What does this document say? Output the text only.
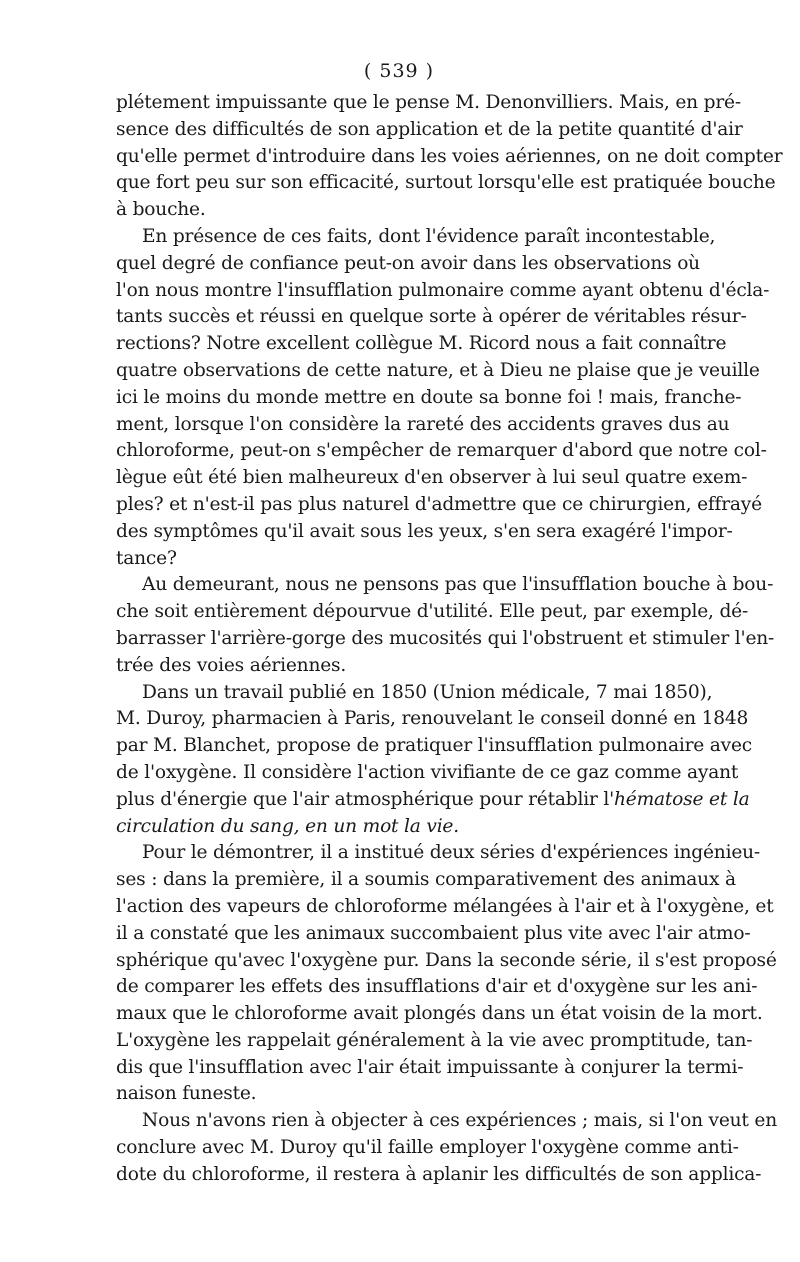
( 539 )
plétement impuissante que le pense M. Denonvilliers. Mais, en pré-
sence des difficultés de son application et de la petite quantité d'air
qu'elle permet d'introduire dans les voies aériennes, on ne doit compter
que fort peu sur son efficacité, surtout lorsqu'elle est pratiquée bouche
à bouche.
En présence de ces faits, dont l'évidence paraît incontestable,
quel degré de confiance peut-on avoir dans les observations où
l'on nous montre l'insufflation pulmonaire comme ayant obtenu d'écla-
tants succès et réussi en quelque sorte à opérer de véritables résur-
rections? Notre excellent collègue M. Ricord nous a fait connaître
quatre observations de cette nature, et à Dieu ne plaise que je veuille
ici le moins du monde mettre en doute sa bonne foi ! mais, franche-
ment, lorsque l'on considère la rareté des accidents graves dus au
chloroforme, peut-on s'empêcher de remarquer d'abord que notre col-
lègue eût été bien malheureux d'en observer à lui seul quatre exem-
ples? et n'est-il pas plus naturel d'admettre que ce chirurgien, effrayé
des symptômes qu'il avait sous les yeux, s'en sera exagéré l'impor-
tance?
Au demeurant, nous ne pensons pas que l'insufflation bouche à bou-
che soit entièrement dépourvue d'utilité. Elle peut, par exemple, dé-
barrasser l'arrière-gorge des mucosités qui l'obstruent et stimuler l'en-
trée des voies aériennes.
Dans un travail publié en 1850 (Union médicale, 7 mai 1850),
M. Duroy, pharmacien à Paris, renouvelant le conseil donné en 1848
par M. Blanchet, propose de pratiquer l'insufflation pulmonaire avec
de l'oxygène. Il considère l'action vivifiante de ce gaz comme ayant
plus d'énergie que l'air atmosphérique pour rétablir l'hématose et la
circulation du sang, en un mot la vie.
Pour le démontrer, il a institué deux séries d'expériences ingénieu-
ses : dans la première, il a soumis comparativement des animaux à
l'action des vapeurs de chloroforme mélangées à l'air et à l'oxygène, et
il a constaté que les animaux succombaient plus vite avec l'air atmo-
sphérique qu'avec l'oxygène pur. Dans la seconde série, il s'est proposé
de comparer les effets des insufflations d'air et d'oxygène sur les ani-
maux que le chloroforme avait plongés dans un état voisin de la mort.
L'oxygène les rappelait généralement à la vie avec promptitude, tan-
dis que l'insufflation avec l'air était impuissante à conjurer la termi-
naison funeste.
Nous n'avons rien à objecter à ces expériences ; mais, si l'on veut en
conclure avec M. Duroy qu'il faille employer l'oxygène comme anti-
dote du chloroforme, il restera à aplanir les difficultés de son applica-
